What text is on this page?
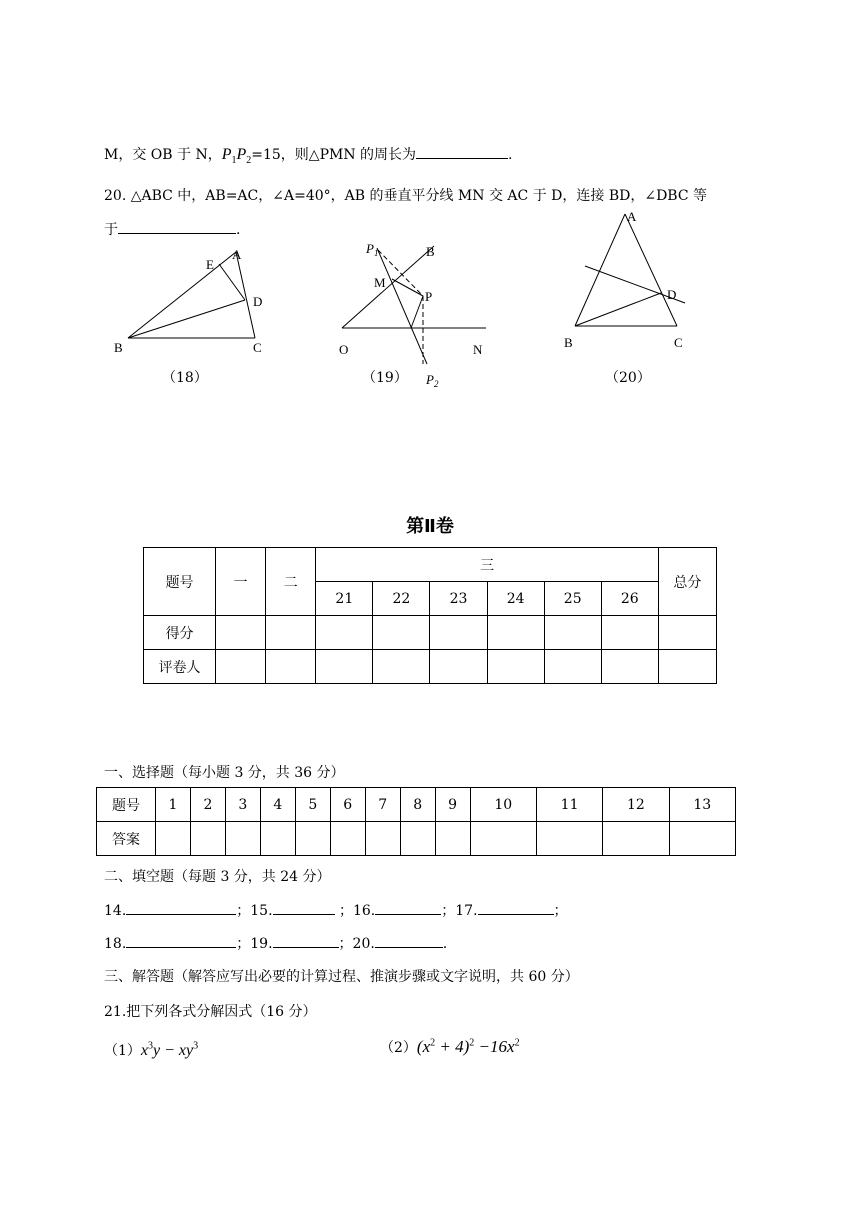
M，交 OB 于 N，$P_1P_2=15$，则△PMN 的周长为	.
20. △ABC 中，AB=AC，∠A=40°，AB 的垂直平分线 MN 交 AC 于 D，连接 BD，∠DBC 等
于	.
A
E
D
B	C
（18）
$P_1$	B
M
P
O	N
$P_2$
（19）
A
D
B	C
（20）
第Ⅱ卷
题号	一	二	三						总分
			21	22	23	24	25	26	
得分									
评卷人									
一、选择题（每小题 3 分，共 36 分）
题号	1	2	3	4	5	6	7	8	9	10	11	12	13
答案													
二、填空题（每题 3 分，共 24 分）
14.	；15.	；16.	；17.	；
18.	；19.	；20.	.
三、解答题（解答应写出必要的计算过程、推演步骤或文字说明，共 60 分）
21.把下列各式分解因式（16 分）
$(1)x^3y - xy^3$	$(2)(x^2 + 4)^2 -16x^2$
